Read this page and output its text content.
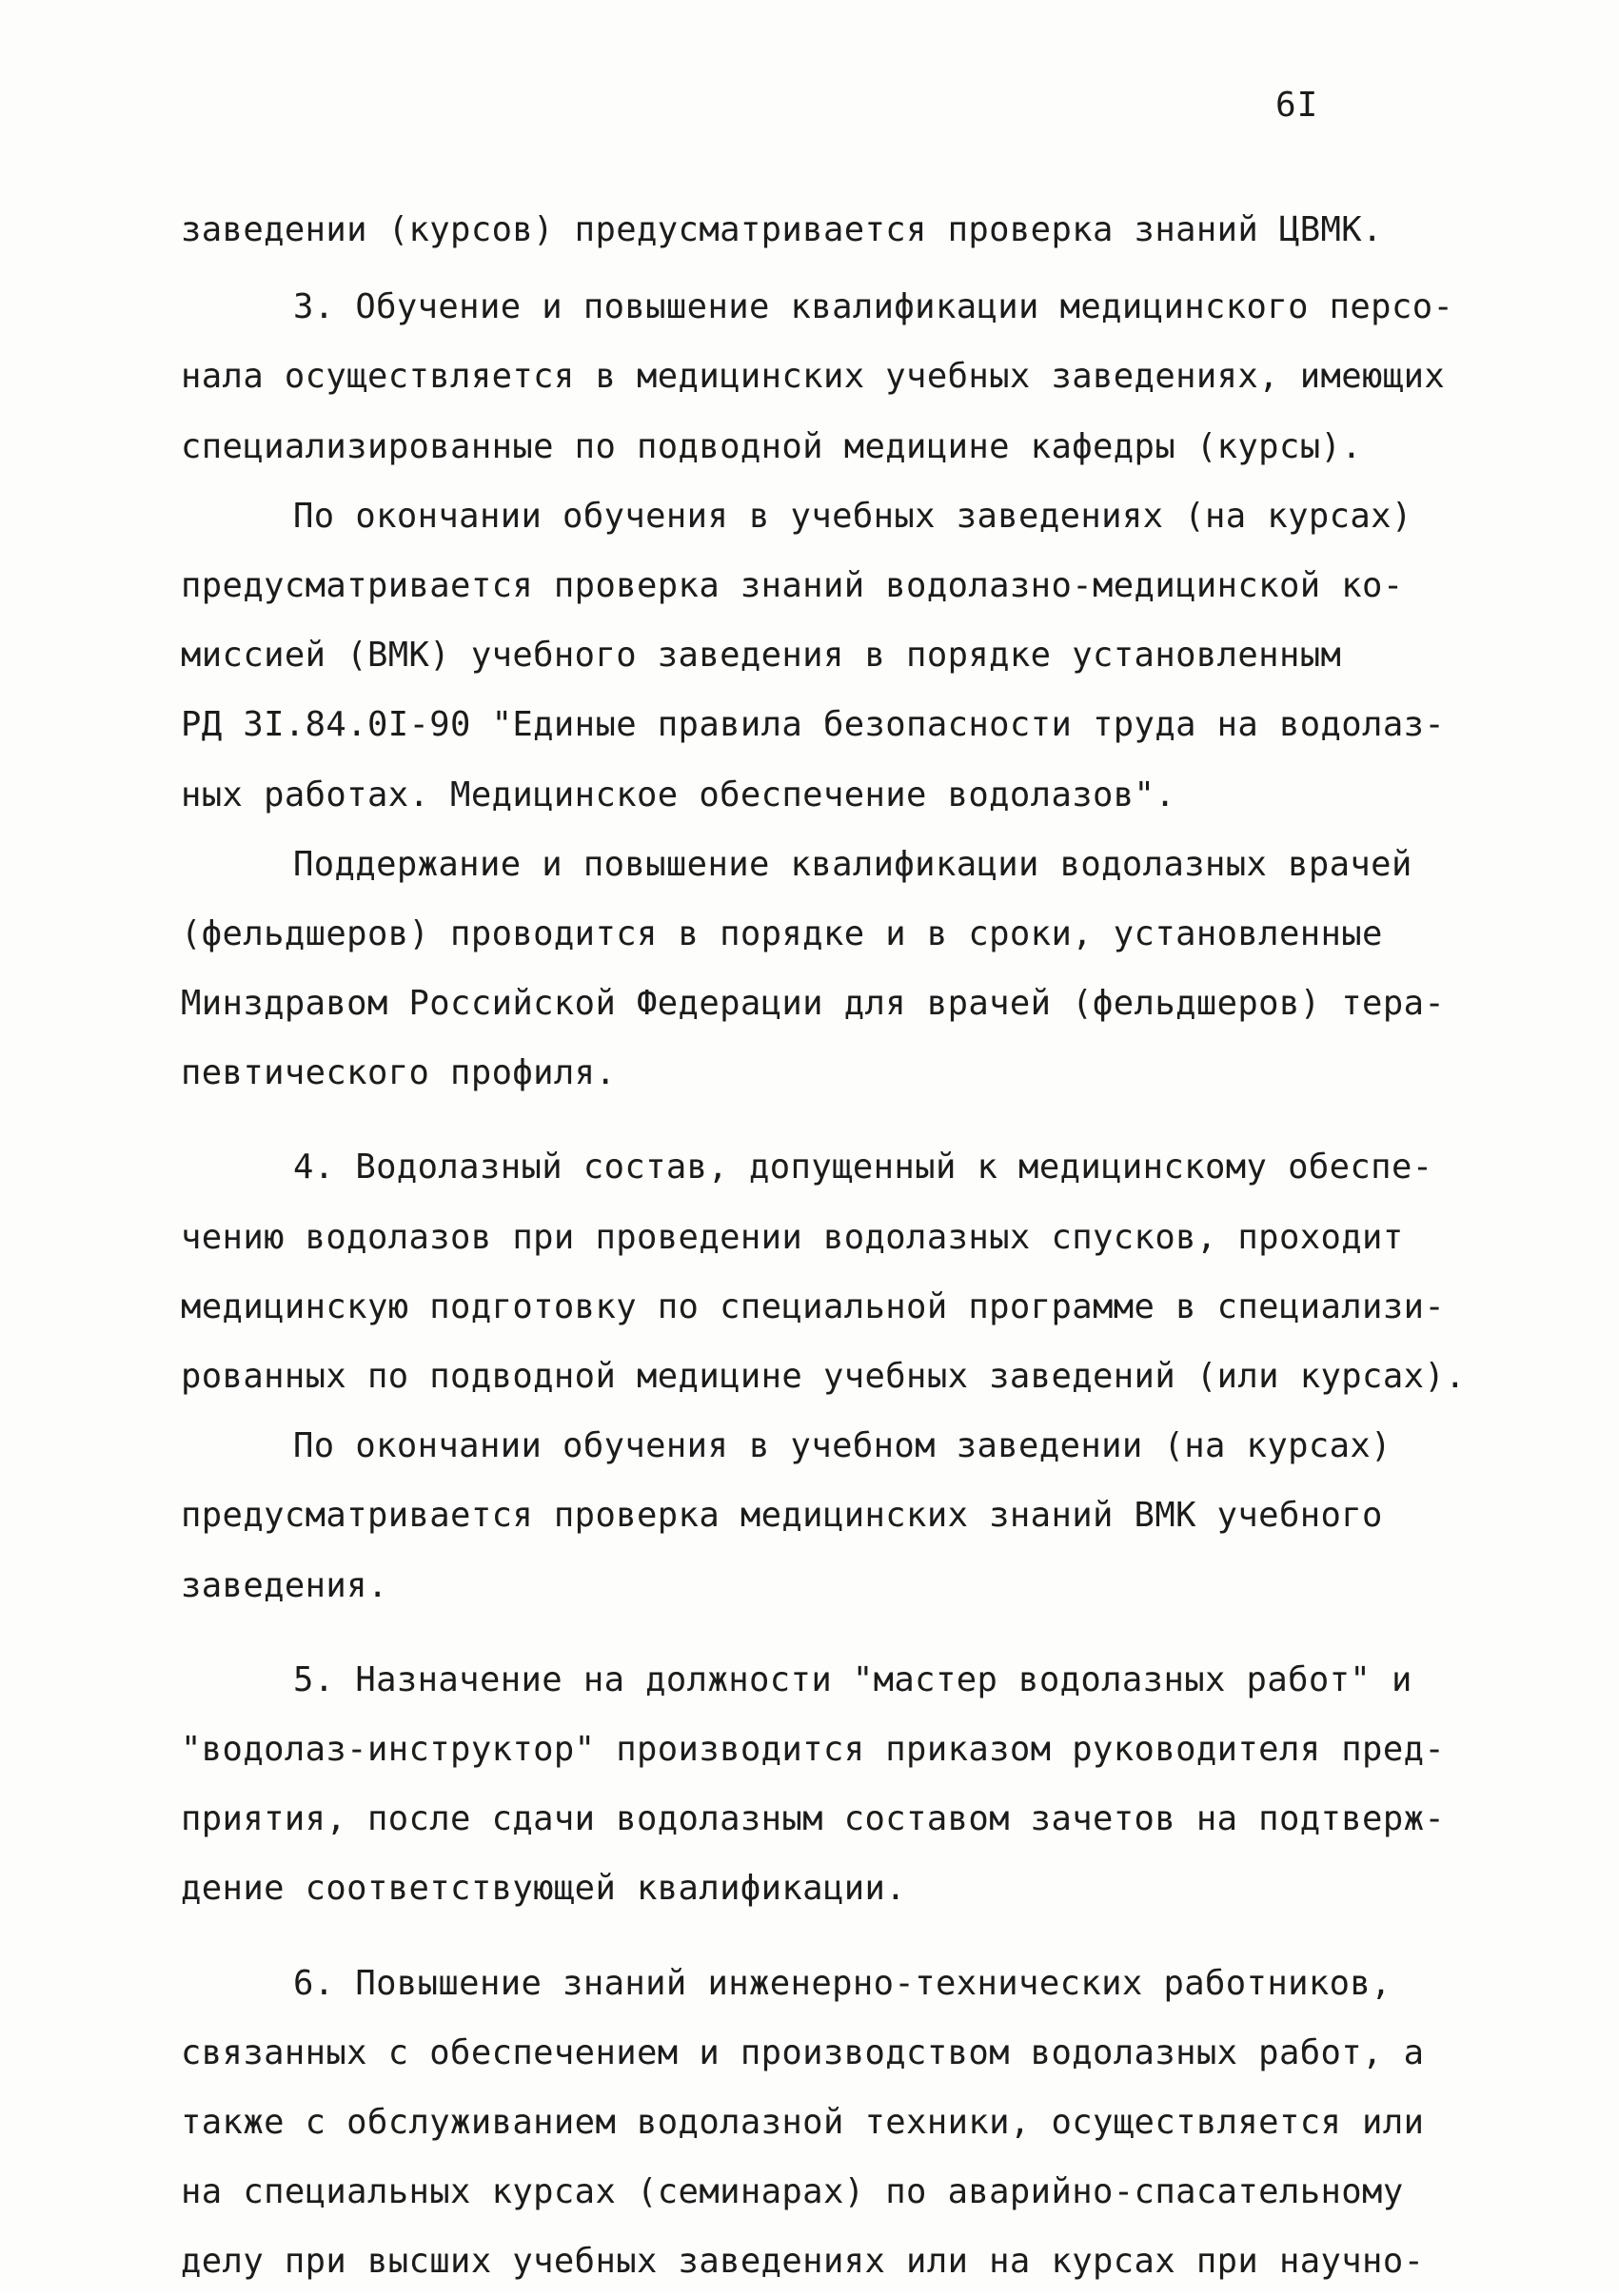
6I
заведении (курсов) предусматривается проверка знаний ЦВМК.
3. Обучение и повышение квалификации медицинского персо-
нала осуществляется в медицинских учебных заведениях, имеющих
специализированные по подводной медицине кафедры (курсы).
По окончании обучения в учебных заведениях (на курсах)
предусматривается проверка знаний водолазно-медицинской ко-
миссией (ВМК) учебного заведения в порядке установленным
РД 3I.84.0I-90 "Единые правила безопасности труда на водолаз-
ных работах. Медицинское обеспечение водолазов".
Поддержание и повышение квалификации водолазных врачей
(фельдшеров) проводится в порядке и в сроки, установленные
Минздравом Российской Федерации для врачей (фельдшеров) тера-
певтического профиля.
4. Водолазный состав, допущенный к медицинскому обеспе-
чению водолазов при проведении водолазных спусков, проходит
медицинскую подготовку по специальной программе в специализи-
рованных по подводной медицине учебных заведений (или курсах).
По окончании обучения в учебном заведении (на курсах)
предусматривается проверка медицинских знаний ВМК учебного
заведения.
5. Назначение на должности "мастер водолазных работ" и
"водолаз-инструктор" производится приказом руководителя пред-
приятия, после сдачи водолазным составом зачетов на подтверж-
дение соответствующей квалификации.
6. Повышение знаний инженерно-технических работников,
связанных с обеспечением и производством водолазных работ, а
также с обслуживанием водолазной техники, осуществляется или
на специальных курсах (семинарах) по аварийно-спасательному
делу при высших учебных заведениях или на курсах при научно-
